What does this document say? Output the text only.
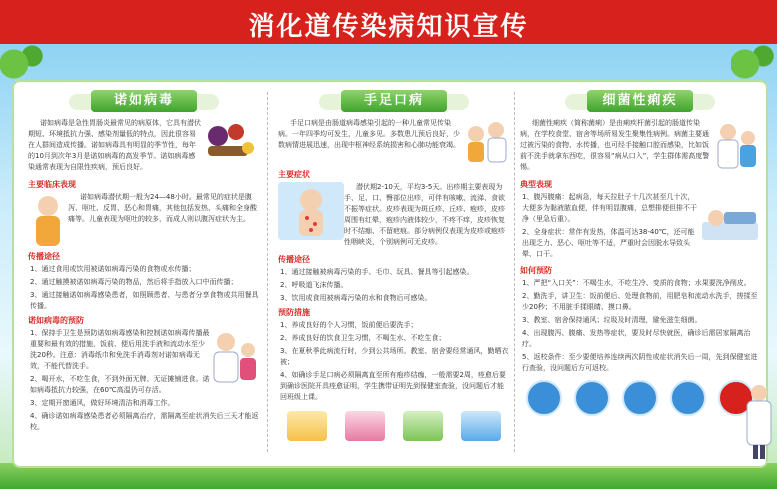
消化道传染病知识宣传
诺如病毒

诺如病毒是急性胃肠炎最常见的病原体，它具有潜伏期短、环境抵抗力强、感染剂量低的特点，因此很容易在人群间造成传播。诺如病毒具有明显的季节性，每年的10月到次年3月是诺如病毒的高发季节。诺如病毒感染通常表现为自限性疾病，预后良好。

主要临床表现

诺如病毒潜伏期一般为24—48小时。最常见的症状是腹泻、呕吐、反胃、恶心和胃痛，其他包括发热、头痛和全身酸痛等。儿童表现为呕吐的较多，而成人则以腹泻症状为主。

传播途径
1、通过食用或饮用被诺如病毒污染的食物或水传播；
2、通过触摸被诺如病毒污染的物品，然后将手指放入口中而传播；
3、通过接触诺如病毒感染患者，如照顾患者、与患者分享食物或共用餐具传播。
诺如病毒的预防
1、保持手卫生是预防诺如病毒感染和控制诺如病毒传播最重要和最有效的措施，饭前、便后用洗手液和流动水至少洗20秒。注意：消毒纸巾和免洗手消毒剂对诺如病毒无效，不能代替洗手。
2、喝开水，不吃生食，不到外面无牌、无证摊铺进食。诺如病毒抵抗力较强，在60℃高温仍可存活。
3、定期开窗通风，做好环境清洁和消毒工作。
4、确诊诺如病毒感染患者必须隔离治疗，需隔离至症状消失后三天才能返校。
手足口病

手足口病是由肠道病毒感染引起的一种儿童常见传染病。一年四季均可发生，儿童多见。多数患儿预后良好，少数病情进展迅速，出现中枢神经系统损害和心肺功能衰竭。

主要症状

潜伏期2-10天，平均3-5天。出疹期主要表现为手、足、口、臀部位出疹，可伴有咳嗽、流涕、食欲不振等症状。皮疹表现为斑丘疹、丘疹、疱疹，皮疹周围有红晕，疱疹内液体较少，不疼不痒，皮疹恢复时不结痂、不留疤痕。部分病例仅表现为皮疹或疱疹性咽峡炎，个别病例可无皮疹。

传播途径
1、通过接触被病毒污染的手、毛巾、玩具、餐具等引起感染。
2、呼吸道飞沫传播。
3、饮用或食用被病毒污染的水和食物后可感染。
预防措施
1、养成良好的个人习惯，饭前便后要洗手；
2、养成良好的饮食卫生习惯，不喝生水、不吃生食；
3、在夏秋季此病流行时，少到公共场所。教室、宿舍要经常通风，勤晒衣被；
4、如确诊手足口病必须隔离直至所有疱疹结痂，一般需要2周，痊愈后要到确诊医院开具痊愈证明，学生携带证明先到保健室查验，没问题后才能回班级上课。
细菌性痢疾

细菌性痢疾（简称菌痢）是由痢疾杆菌引起的肠道传染病，在学校食堂、宿舍等场所易发生聚集性病例。病菌主要通过被污染的食物、水传播，也可经手接触口腔而感染，比如饭前不洗手就拿东西吃，很容易“病从口入”，学生群体需高度警惕。

典型表现
1、腹泻腹痛：起病急，每天拉肚子十几次甚至几十次，大便多为黏液脓血便，伴有明显腹痛，总想排便但排不干净（里急后重）。
2、全身症状：常伴有发热，体温可达38-40℃，还可能出现乏力、恶心、呕吐等不适，严重时会因脱水导致头晕、口干。
如何预防
1、严把“入口关”：不喝生水，不吃生冷、变质的食物；水果要洗净削皮。
2、勤洗手，讲卫生：饭前便后、处理食物前，用肥皂和流动水洗手，搓揉至少20秒；不用脏手揉眼睛、摸口鼻。
3、教室、宿舍保持通风；垃圾及时清理，避免滋生细菌。
4、出现腹泻、腹痛、发热等症状，要及时尽快就医，确诊后需居家隔离治疗。
5、返校条件：至少要便培养连续两次阴性或症状消失后一周，先到保健室进行查验，没问题后方可返校。
